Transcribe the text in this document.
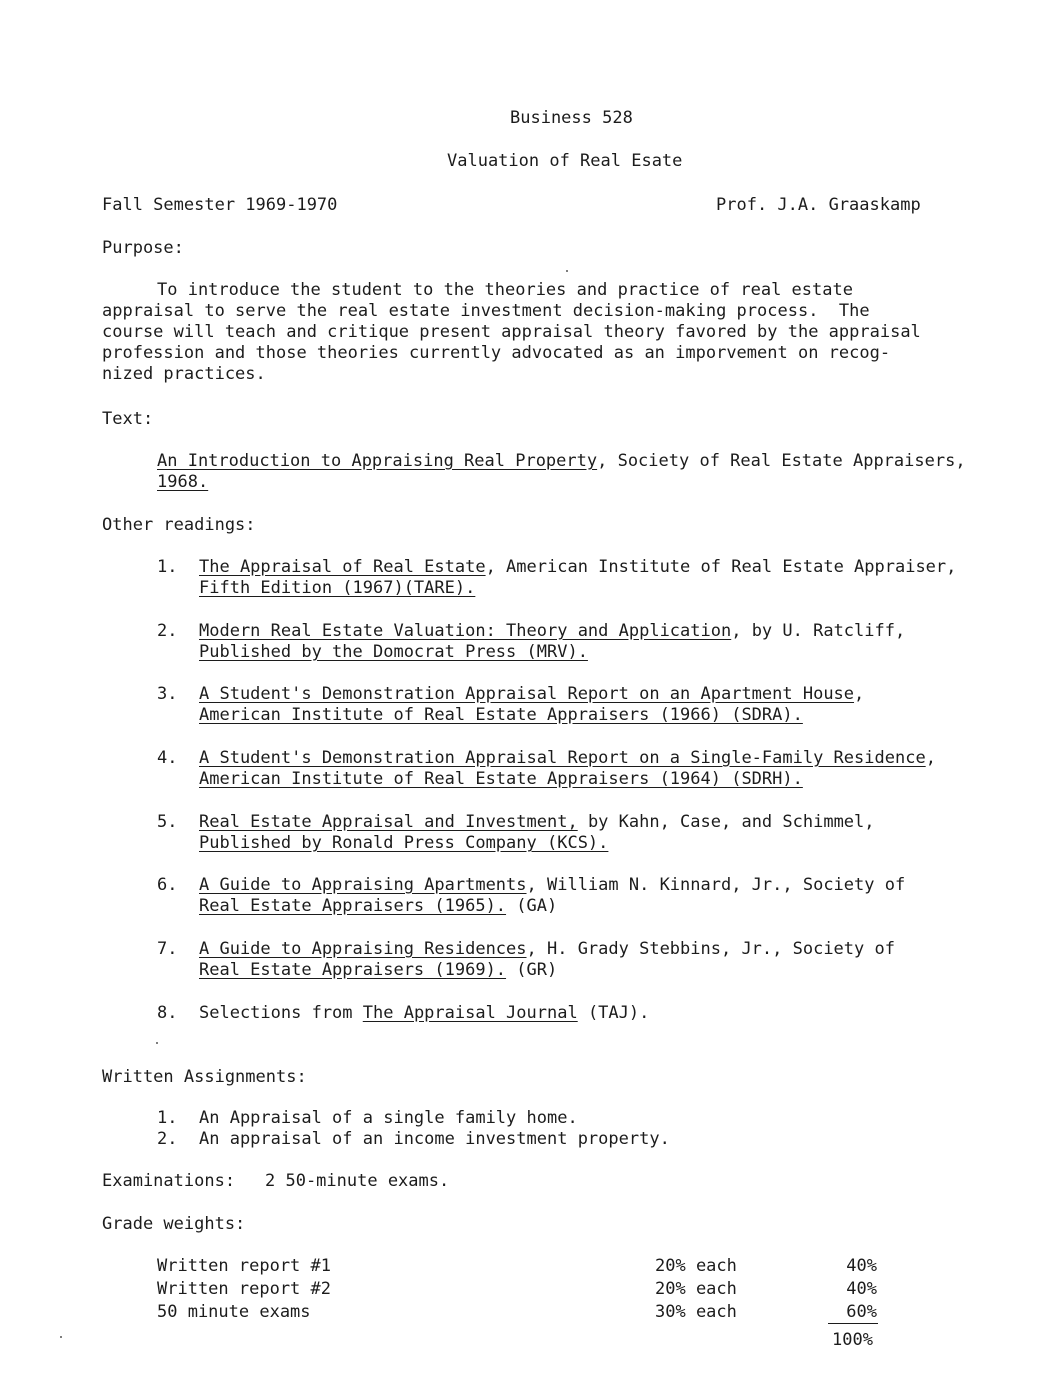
Business 528
Valuation of Real Esate
Fall Semester 1969-1970	Prof. J.A. Graaskamp
Purpose:
To introduce the student to the theories and practice of real estate
appraisal to serve the real estate investment decision-making process.  The
course will teach and critique present appraisal theory favored by the appraisal
profession and those theories currently advocated as an imporvement on recog-
nized practices.
Text:
An Introduction to Appraising Real Property, Society of Real Estate Appraisers,
1968.
Other readings:
1. The Appraisal of Real Estate, American Institute of Real Estate Appraiser,
Fifth Edition (1967)(TARE).
2. Modern Real Estate Valuation: Theory and Application, by U. Ratcliff,
Published by the Domocrat Press (MRV).
3. A Student's Demonstration Appraisal Report on an Apartment House,
American Institute of Real Estate Appraisers (1966) (SDRA).
4. A Student's Demonstration Appraisal Report on a Single-Family Residence,
American Institute of Real Estate Appraisers (1964) (SDRH).
5. Real Estate Appraisal and Investment, by Kahn, Case, and Schimmel,
Published by Ronald Press Company (KCS).
6. A Guide to Appraising Apartments, William N. Kinnard, Jr., Society of
Real Estate Appraisers (1965). (GA)
7. A Guide to Appraising Residences, H. Grady Stebbins, Jr., Society of
Real Estate Appraisers (1969). (GR)
8. Selections from The Appraisal Journal (TAJ).
Written Assignments:
1. An Appraisal of a single family home.
2. An appraisal of an income investment property.
Examinations: 2 50-minute exams.
Grade weights:
Written report #1	20% each	40%
Written report #2	20% each	40%
50 minute exams	30% each	60%
100%
